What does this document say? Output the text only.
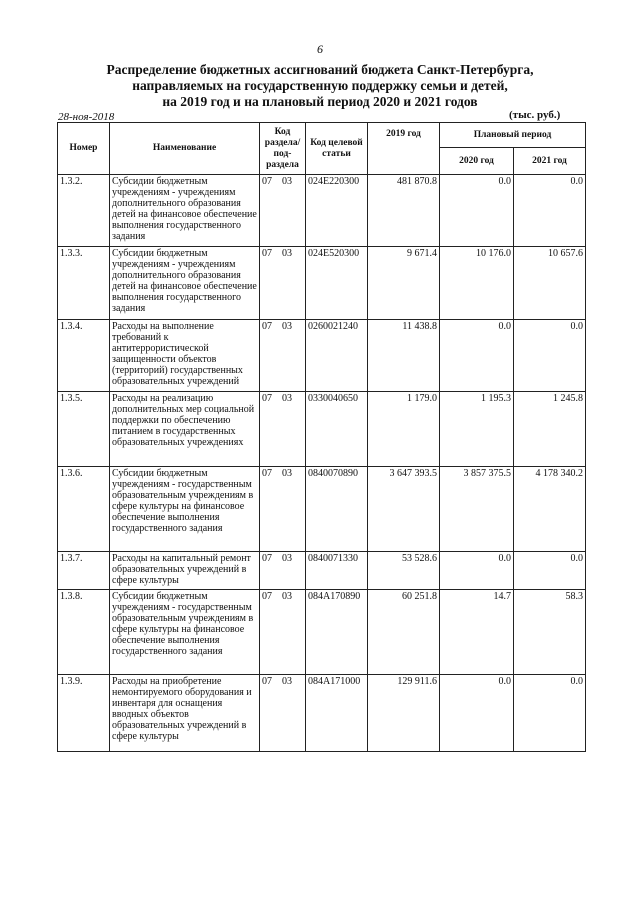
6
Распределение бюджетных ассигнований бюджета Санкт-Петербурга,
направляемых на государственную поддержку семьи и детей,
на 2019 год и на плановый период 2020 и 2021 годов
28-ноя-2018	(тыс. руб.)
Номер	Наименование	Код раздела/ под- раздела	Код целевой статьи	2019 год	Плановый период	
					2020 год	2021 год
1.3.2.	Субсидии бюджетным учреждениям - учреждениям дополнительного образования детей на финансовое обеспечение выполнения государственного задания	07 03	024Е220300	481 870.8	0.0	0.0
1.3.3.	Субсидии бюджетным учреждениям - учреждениям дополнительного образования детей на финансовое обеспечение выполнения государственного задания	07 03	024Е520300	9 671.4	10 176.0	10 657.6
1.3.4.	Расходы на выполнение требований к антитеррористической защищенности объектов (территорий) государственных образовательных учреждений	07 03	0260021240	11 438.8	0.0	0.0
1.3.5.	Расходы на реализацию дополнительных мер социальной поддержки по обеспечению питанием в государственных образовательных учреждениях	07 03	0330040650	1 179.0	1 195.3	1 245.8
1.3.6.	Субсидии бюджетным учреждениям - государственным образовательным учреждениям в сфере культуры на финансовое обеспечение выполнения государственного задания	07 03	0840070890	3 647 393.5	3 857 375.5	4 178 340.2
1.3.7.	Расходы на капитальный ремонт образовательных учреждений в сфере культуры	07 03	0840071330	53 528.6	0.0	0.0
1.3.8.	Субсидии бюджетным учреждениям - государственным образовательным учреждениям в сфере культуры на финансовое обеспечение выполнения государственного задания	07 03	084А170890	60 251.8	14.7	58.3
1.3.9.	Расходы на приобретение немонтируемого оборудования и инвентаря для оснащения вводных объектов образовательных учреждений в сфере культуры	07 03	084А171000	129 911.6	0.0	0.0
